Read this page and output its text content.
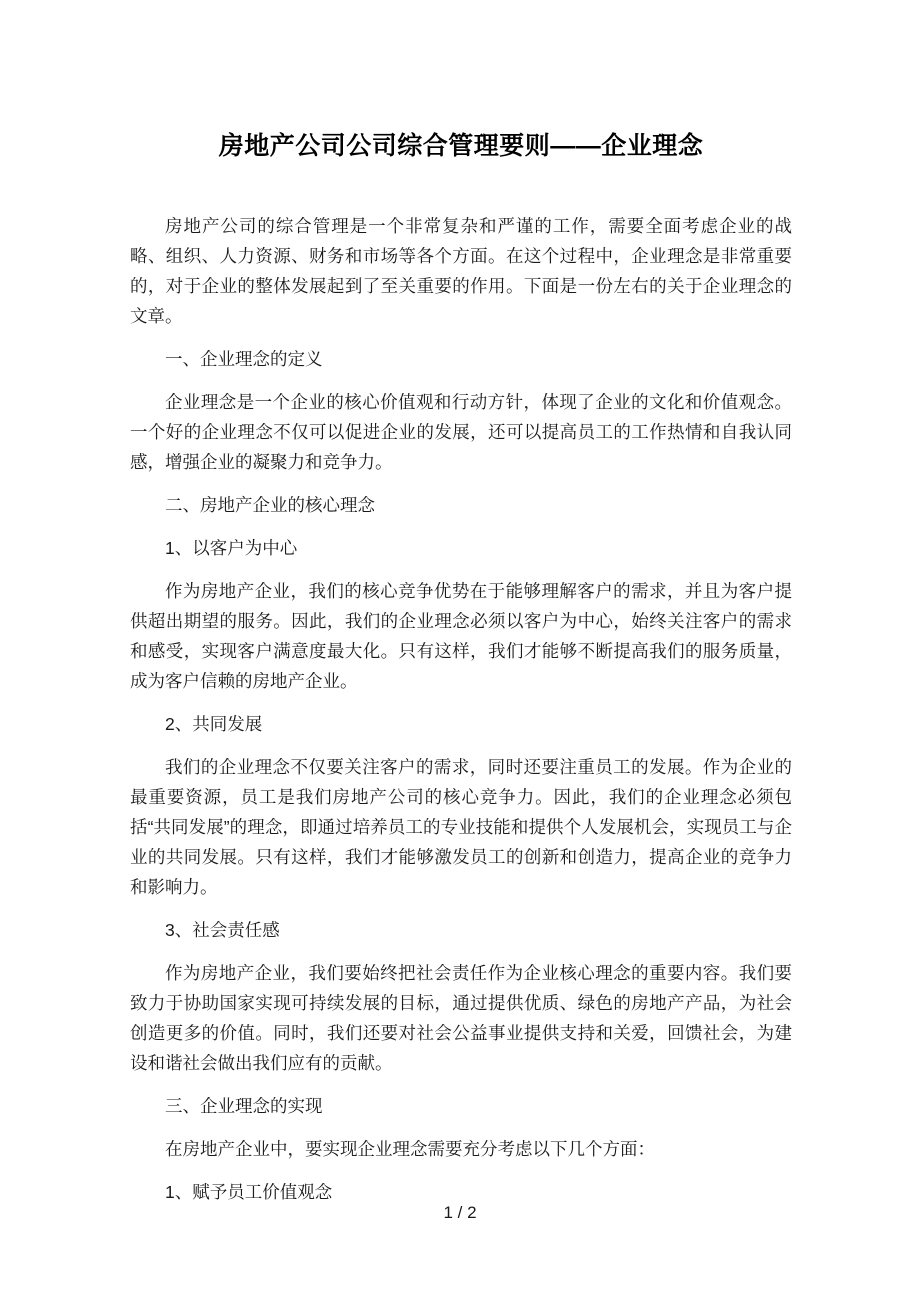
房地产公司公司综合管理要则——企业理念

房地产公司的综合管理是一个非常复杂和严谨的工作，需要全面考虑企业的战略、组织、人力资源、财务和市场等各个方面。在这个过程中，企业理念是非常重要的，对于企业的整体发展起到了至关重要的作用。下面是一份左右的关于企业理念的文章。

一、企业理念的定义

企业理念是一个企业的核心价值观和行动方针，体现了企业的文化和价值观念。一个好的企业理念不仅可以促进企业的发展，还可以提高员工的工作热情和自我认同感，增强企业的凝聚力和竞争力。

二、房地产企业的核心理念

1、以客户为中心

作为房地产企业，我们的核心竞争优势在于能够理解客户的需求，并且为客户提供超出期望的服务。因此，我们的企业理念必须以客户为中心，始终关注客户的需求和感受，实现客户满意度最大化。只有这样，我们才能够不断提高我们的服务质量，成为客户信赖的房地产企业。

2、共同发展

我们的企业理念不仅要关注客户的需求，同时还要注重员工的发展。作为企业的最重要资源，员工是我们房地产公司的核心竞争力。因此，我们的企业理念必须包括“共同发展”的理念，即通过培养员工的专业技能和提供个人发展机会，实现员工与企业的共同发展。只有这样，我们才能够激发员工的创新和创造力，提高企业的竞争力和影响力。

3、社会责任感

作为房地产企业，我们要始终把社会责任作为企业核心理念的重要内容。我们要致力于协助国家实现可持续发展的目标，通过提供优质、绿色的房地产产品，为社会创造更多的价值。同时，我们还要对社会公益事业提供支持和关爱，回馈社会，为建设和谐社会做出我们应有的贡献。

三、企业理念的实现

在房地产企业中，要实现企业理念需要充分考虑以下几个方面：

1、赋予员工价值观念

1 / 2
